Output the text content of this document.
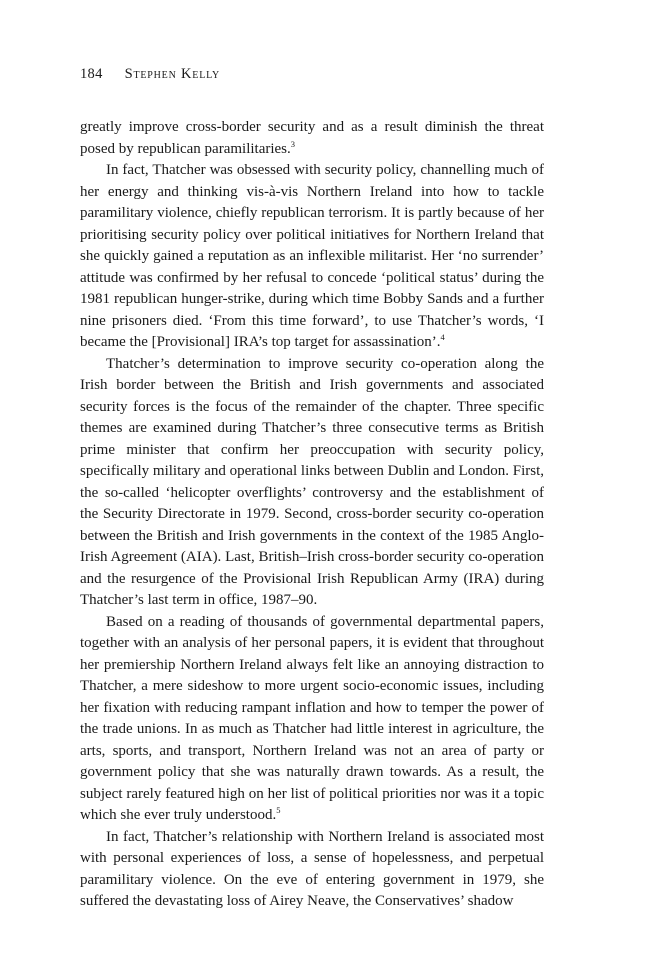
184 Stephen Kelly

greatly improve cross-border security and as a result diminish the threat posed by republican paramilitaries.$^3$

In fact, Thatcher was obsessed with security policy, channelling much of her energy and thinking vis-à-vis Northern Ireland into how to tackle paramilitary violence, chiefly republican terrorism. It is partly because of her prioritising security policy over political initiatives for Northern Ireland that she quickly gained a reputation as an inflexible militarist. Her ‘no surrender’ attitude was confirmed by her refusal to concede ‘political status’ during the 1981 republican hunger-strike, during which time Bobby Sands and a further nine prisoners died. ‘From this time forward’, to use Thatcher’s words, ‘I became the [Provisional] IRA’s top target for assassination’.$^4$

Thatcher’s determination to improve security co-operation along the Irish border between the British and Irish governments and associated security forces is the focus of the remainder of the chapter. Three specific themes are examined during Thatcher’s three consecutive terms as British prime minister that confirm her preoccupation with security policy, specifically military and operational links between Dublin and London. First, the so-called ‘helicopter overflights’ controversy and the establishment of the Security Directorate in 1979. Second, cross-border security co-operation between the British and Irish governments in the context of the 1985 Anglo-Irish Agreement (AIA). Last, British–Irish cross-border security co-operation and the resurgence of the Provisional Irish Republican Army (IRA) during Thatcher’s last term in office, 1987–90.

Based on a reading of thousands of governmental departmental papers, together with an analysis of her personal papers, it is evident that throughout her premiership Northern Ireland always felt like an annoying distraction to Thatcher, a mere sideshow to more urgent socio-economic issues, including her fixation with reducing rampant inflation and how to temper the power of the trade unions. In as much as Thatcher had little interest in agriculture, the arts, sports, and transport, Northern Ireland was not an area of party or government policy that she was naturally drawn towards. As a result, the subject rarely featured high on her list of political priorities nor was it a topic which she ever truly understood.$^5$

In fact, Thatcher’s relationship with Northern Ireland is associated most with personal experiences of loss, a sense of hopelessness, and perpetual paramilitary violence. On the eve of entering government in 1979, she suffered the devastating loss of Airey Neave, the Conservatives’ shadow
